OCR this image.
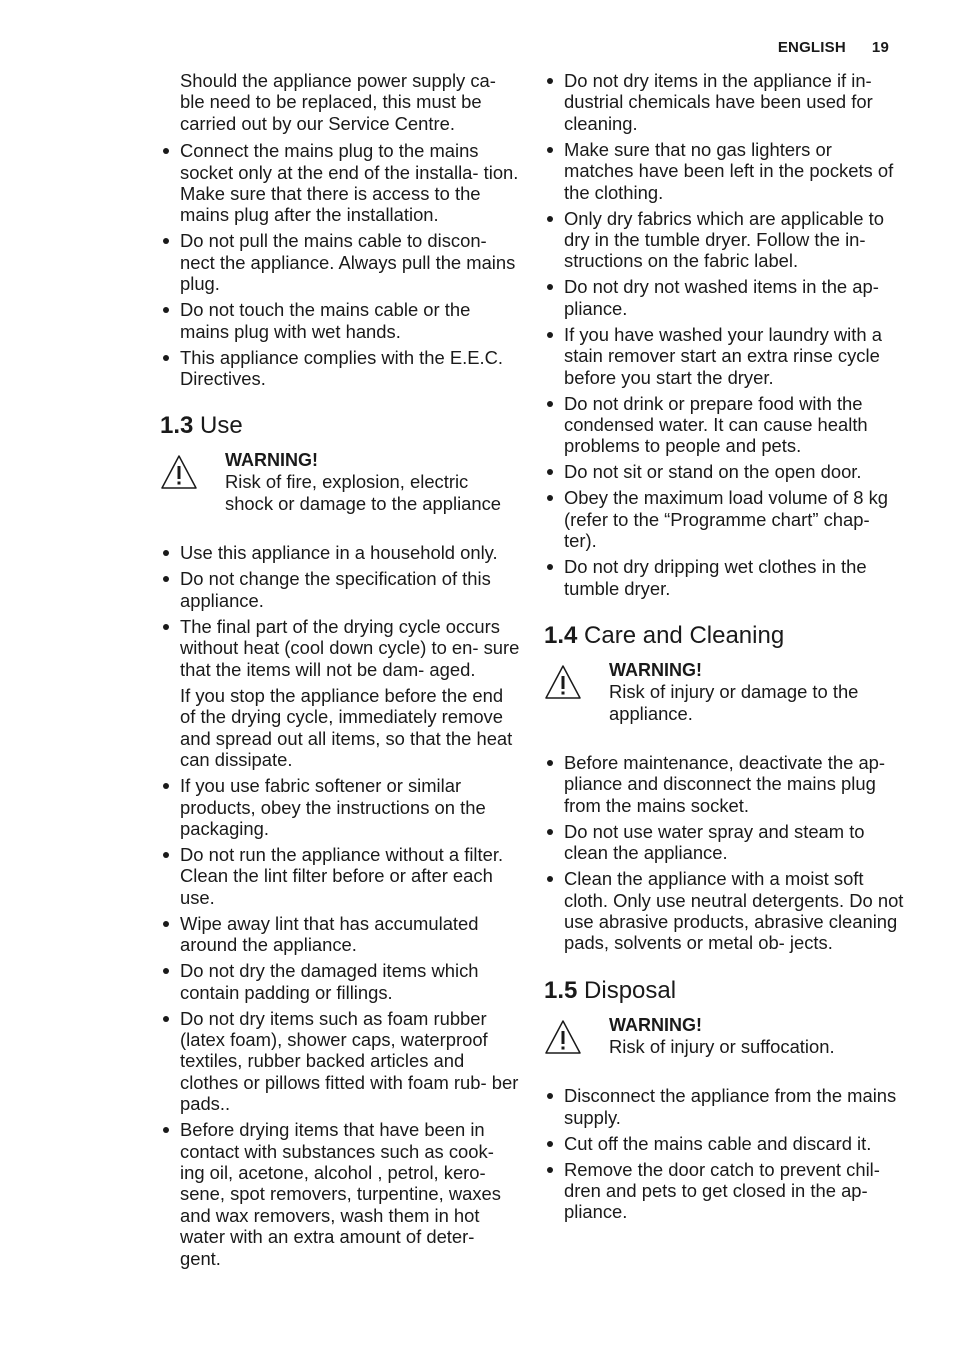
ENGLISH 19

Should the appliance power supply ca- ble need to be replaced, this must be carried out by our Service Centre.

Connect the mains plug to the mains socket only at the end of the installa- tion. Make sure that there is access to the mains plug after the installation.
Do not pull the mains cable to discon- nect the appliance. Always pull the mains plug.
Do not touch the mains cable or the mains plug with wet hands.
This appliance complies with the E.E.C. Directives.
1.3 Use
WARNING!
Risk of fire, explosion, electric shock or damage to the appliance
Use this appliance in a household only.
Do not change the specification of this appliance.
The final part of the drying cycle occurs without heat (cool down cycle) to en- sure that the items will not be dam- aged.

If you stop the appliance before the end of the drying cycle, immediately remove and spread out all items, so that the heat can dissipate.

If you use fabric softener or similar products, obey the instructions on the packaging.
Do not run the appliance without a filter. Clean the lint filter before or after each use.
Wipe away lint that has accumulated around the appliance.
Do not dry the damaged items which contain padding or fillings.
Do not dry items such as foam rubber (latex foam), shower caps, waterproof textiles, rubber backed articles and clothes or pillows fitted with foam rub- ber pads..
Before drying items that have been in contact with substances such as cook- ing oil, acetone, alcohol , petrol, kero- sene, spot removers, turpentine, waxes and wax removers, wash them in hot water with an extra amount of deter- gent.
Do not dry items in the appliance if in- dustrial chemicals have been used for cleaning.
Make sure that no gas lighters or matches have been left in the pockets of the clothing.
Only dry fabrics which are applicable to dry in the tumble dryer. Follow the in- structions on the fabric label.
Do not dry not washed items in the ap- pliance.
If you have washed your laundry with a stain remover start an extra rinse cycle before you start the dryer.
Do not drink or prepare food with the condensed water. It can cause health problems to people and pets.
Do not sit or stand on the open door.
Obey the maximum load volume of 8 kg (refer to the “Programme chart” chap- ter).
Do not dry dripping wet clothes in the tumble dryer.
1.4 Care and Cleaning
WARNING!
Risk of injury or damage to the appliance.
Before maintenance, deactivate the ap- pliance and disconnect the mains plug from the mains socket.
Do not use water spray and steam to clean the appliance.
Clean the appliance with a moist soft cloth. Only use neutral detergents. Do not use abrasive products, abrasive cleaning pads, solvents or metal ob- jects.
1.5 Disposal
WARNING!
Risk of injury or suffocation.
Disconnect the appliance from the mains supply.
Cut off the mains cable and discard it.
Remove the door catch to prevent chil- dren and pets to get closed in the ap- pliance.
